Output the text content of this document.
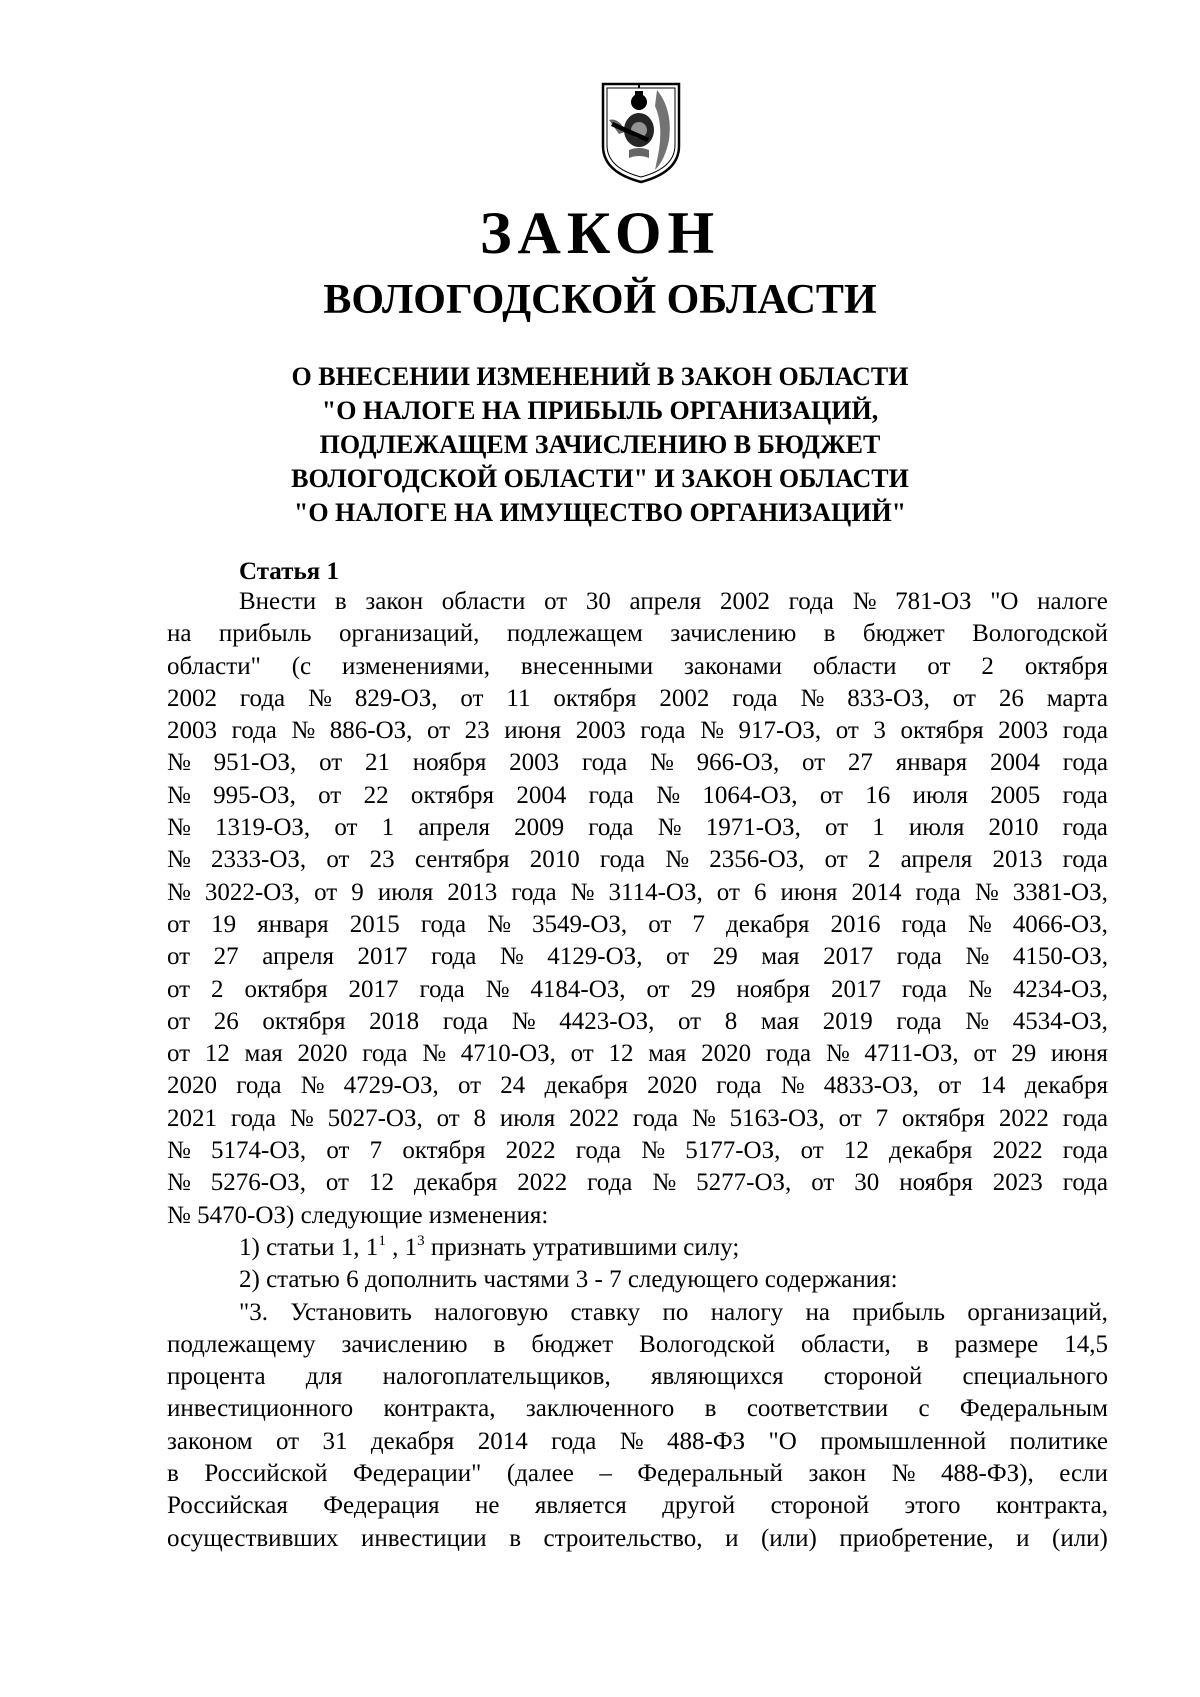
ЗАКОН
ВОЛОГОДСКОЙ ОБЛАСТИ
О ВНЕСЕНИИ ИЗМЕНЕНИЙ В ЗАКОН ОБЛАСТИ
"О НАЛОГЕ НА ПРИБЫЛЬ ОРГАНИЗАЦИЙ,
ПОДЛЕЖАЩЕМ ЗАЧИСЛЕНИЮ В БЮДЖЕТ
ВОЛОГОДСКОЙ ОБЛАСТИ" И ЗАКОН ОБЛАСТИ
"О НАЛОГЕ НА ИМУЩЕСТВО ОРГАНИЗАЦИЙ"
Статья 1
Внести в закон области от 30 апреля 2002 года № 781-ОЗ "О налоге
на прибыль организаций, подлежащем зачислению в бюджет Вологодской
области" (с изменениями, внесенными законами области от 2 октября
2002 года № 829-ОЗ, от 11 октября 2002 года № 833-ОЗ, от 26 марта
2003 года № 886-ОЗ, от 23 июня 2003 года № 917-ОЗ, от 3 октября 2003 года
№ 951-ОЗ, от 21 ноября 2003 года № 966-ОЗ, от 27 января 2004 года
№ 995-ОЗ, от 22 октября 2004 года № 1064-ОЗ, от 16 июля 2005 года
№ 1319-ОЗ, от 1 апреля 2009 года № 1971-ОЗ, от 1 июля 2010 года
№ 2333-ОЗ, от 23 сентября 2010 года № 2356-ОЗ, от 2 апреля 2013 года
№ 3022-ОЗ, от 9 июля 2013 года № 3114-ОЗ, от 6 июня 2014 года № 3381-ОЗ,
от 19 января 2015 года № 3549-ОЗ, от 7 декабря 2016 года № 4066-ОЗ,
от 27 апреля 2017 года № 4129-ОЗ, от 29 мая 2017 года № 4150-ОЗ,
от 2 октября 2017 года № 4184-ОЗ, от 29 ноября 2017 года № 4234-ОЗ,
от 26 октября 2018 года № 4423-ОЗ, от 8 мая 2019 года № 4534-ОЗ,
от 12 мая 2020 года № 4710-ОЗ, от 12 мая 2020 года № 4711-ОЗ, от 29 июня
2020 года № 4729-ОЗ, от 24 декабря 2020 года № 4833-ОЗ, от 14 декабря
2021 года № 5027-ОЗ, от 8 июля 2022 года № 5163-ОЗ, от 7 октября 2022 года
№ 5174-ОЗ, от 7 октября 2022 года № 5177-ОЗ, от 12 декабря 2022 года
№ 5276-ОЗ, от 12 декабря 2022 года № 5277-ОЗ, от 30 ноября 2023 года
№ 5470-ОЗ) следующие изменения:
1) статьи 1, $1^1$ , $1^3$ признать утратившими силу;
2) статью 6 дополнить частями 3 - 7 следующего содержания:
"3. Установить налоговую ставку по налогу на прибыль организаций,
подлежащему зачислению в бюджет Вологодской области, в размере 14,5
процента для налогоплательщиков, являющихся стороной специального
инвестиционного контракта, заключенного в соответствии с Федеральным
законом от 31 декабря 2014 года № 488-ФЗ "О промышленной политике
в Российской Федерации" (далее – Федеральный закон № 488-ФЗ), если
Российская Федерация не является другой стороной этого контракта,
осуществивших инвестиции в строительство, и (или) приобретение, и (или)
